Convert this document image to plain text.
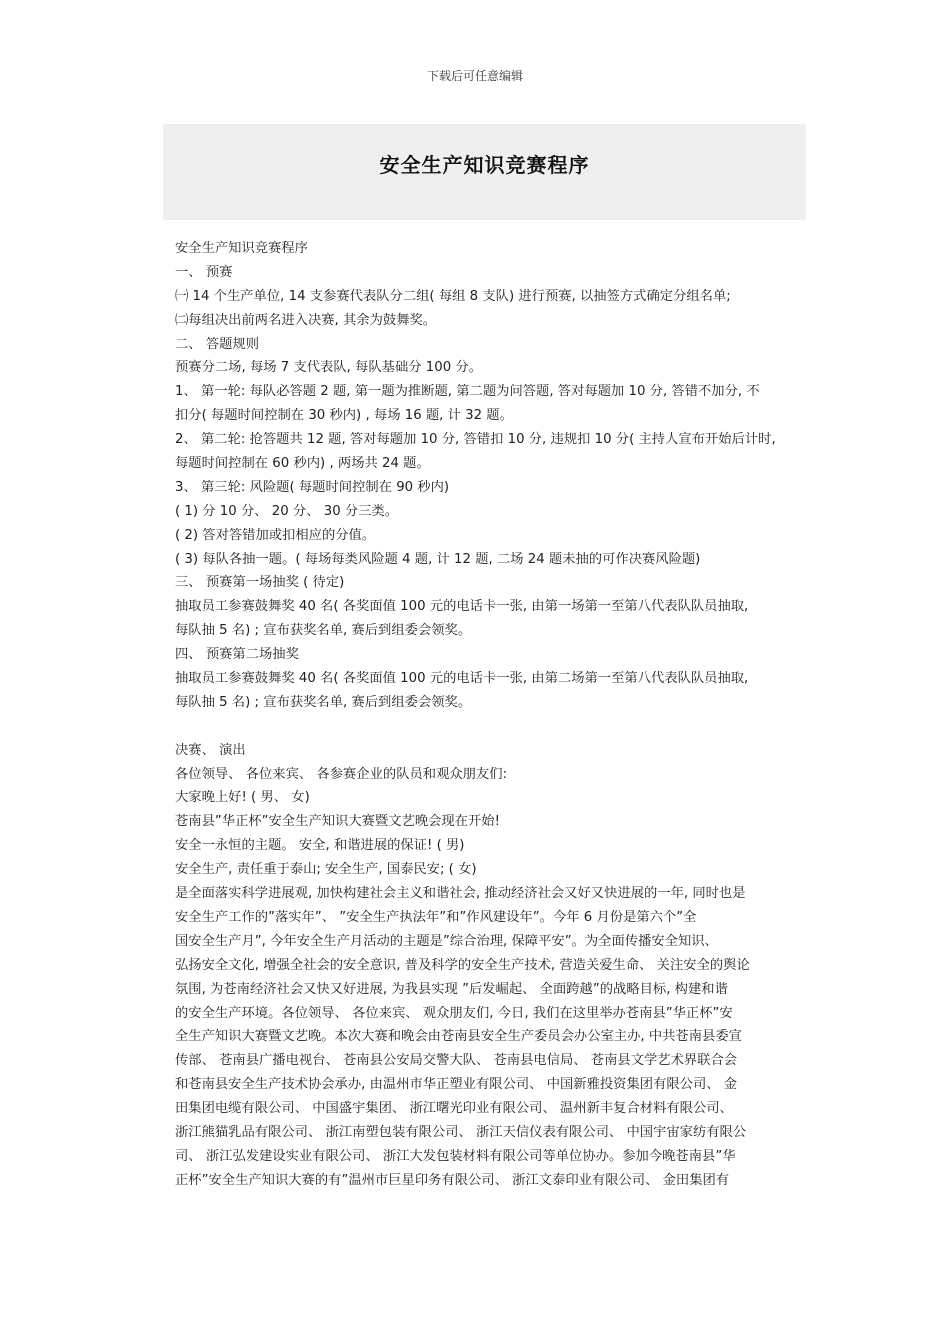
下载后可任意编辑
安全生产知识竞赛程序
安全生产知识竞赛程序
一、 预赛
㈠ 14 个生产单位, 14 支参赛代表队分二组( 每组 8 支队) 进行预赛, 以抽签方式确定分组名单;
㈡每组决出前两名进入决赛, 其余为鼓舞奖。
二、 答题规则
预赛分二场, 每场 7 支代表队, 每队基础分 100 分。
1、 第一轮: 每队必答题 2 题, 第一题为推断题, 第二题为问答题, 答对每题加 10 分, 答错不加分, 不
扣分( 每题时间控制在 30 秒内) , 每场 16 题, 计 32 题。
2、 第二轮: 抢答题共 12 题, 答对每题加 10 分, 答错扣 10 分, 违规扣 10 分( 主持人宣布开始后计时,
每题时间控制在 60 秒内) , 两场共 24 题。
3、 第三轮: 风险题( 每题时间控制在 90 秒内)
( 1) 分 10 分、 20 分、 30 分三类。
( 2) 答对答错加或扣相应的分值。
( 3) 每队各抽一题。( 每场每类风险题 4 题, 计 12 题, 二场 24 题未抽的可作决赛风险题)
三、 预赛第一场抽奖 ( 待定)
抽取员工参赛鼓舞奖 40 名( 各奖面值 100 元的电话卡一张, 由第一场第一至第八代表队队员抽取,
每队抽 5 名) ; 宣布获奖名单, 赛后到组委会领奖。
四、 预赛第二场抽奖
抽取员工参赛鼓舞奖 40 名( 各奖面值 100 元的电话卡一张, 由第二场第一至第八代表队队员抽取,
每队抽 5 名) ; 宣布获奖名单, 赛后到组委会领奖。
决赛、 演出
各位领导、 各位来宾、 各参赛企业的队员和观众朋友们:
大家晚上好! ( 男、 女)
苍南县”华正杯”安全生产知识大赛暨文艺晚会现在开始!
安全一永恒的主题。 安全, 和谐进展的保证! ( 男)
安全生产, 责任重于泰山; 安全生产, 国泰民安; ( 女)
是全面落实科学进展观, 加快构建社会主义和谐社会, 推动经济社会又好又快进展的一年, 同时也是
安全生产工作的”落实年”、 ”安全生产执法年”和”作风建设年”。今年 6 月份是第六个”全
国安全生产月”, 今年安全生产月活动的主题是”综合治理, 保障平安”。为全面传播安全知识、
弘扬安全文化, 增强全社会的安全意识, 普及科学的安全生产技术, 营造关爱生命、 关注安全的舆论
氛围, 为苍南经济社会又快又好进展, 为我县实现 ”后发崛起、 全面跨越”的战略目标, 构建和谐
的安全生产环境。各位领导、 各位来宾、 观众朋友们, 今日, 我们在这里举办苍南县”华正杯”安
全生产知识大赛暨文艺晚。本次大赛和晚会由苍南县安全生产委员会办公室主办, 中共苍南县委宣
传部、 苍南县广播电视台、 苍南县公安局交警大队、 苍南县电信局、 苍南县文学艺术界联合会
和苍南县安全生产技术协会承办, 由温州市华正塑业有限公司、 中国新雅投资集团有限公司、 金
田集团电缆有限公司、 中国盛宇集团、 浙江曙光印业有限公司、 温州新丰复合材料有限公司、
浙江熊猫乳品有限公司、 浙江南塑包装有限公司、 浙江天信仪表有限公司、 中国宇宙家纺有限公
司、 浙江弘发建设实业有限公司、 浙江大发包装材料有限公司等单位协办。参加今晚苍南县”华
正杯”安全生产知识大赛的有”温州市巨星印务有限公司、 浙江文泰印业有限公司、 金田集团有
